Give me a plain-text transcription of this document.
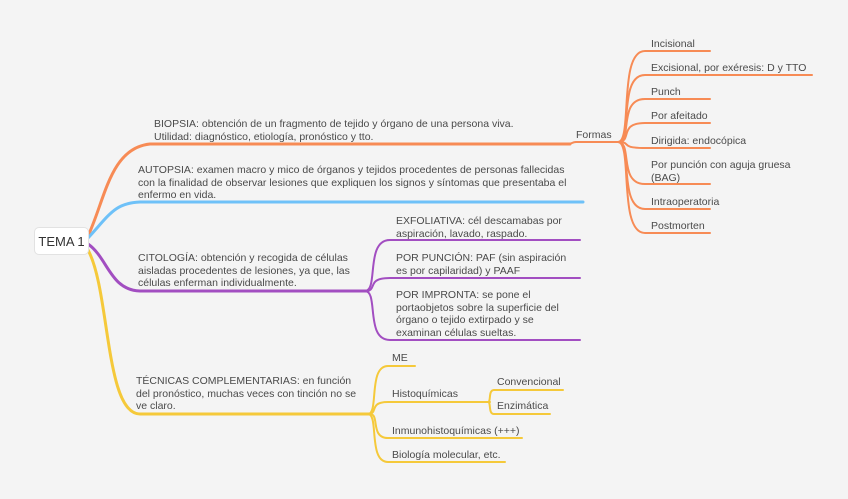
TEMA 1
BIOPSIA: obtención de un fragmento de tejido y órgano de una persona viva. Utilidad: diagnóstico, etiología, pronóstico y tto.	Formas
Incisional
Excisional, por exéresis: D y TTO
Punch
Por afeitado
Dirigida: endocópica
Por punción con aguja gruesa (BAG)
Intraoperatoria
Postmorten
AUTOPSIA: examen macro y mico de órganos y tejidos procedentes de personas fallecidas con la finalidad de observar lesiones que expliquen los signos y síntomas que presentaba el enfermo en vida.
CITOLOGÍA: obtención y recogida de células aisladas procedentes de lesiones, ya que, las células enferman individualmente.
EXFOLIATIVA: cél descamabas por aspiración, lavado, raspado.
POR PUNCIÓN: PAF (sin aspiración es por capilaridad) y PAAF
POR IMPRONTA: se pone el portaobjetos sobre la superficie del órgano o tejido extirpado y se examinan células sueltas.
TÉCNICAS COMPLEMENTARIAS: en función del pronóstico, muchas veces con tinción no se ve claro.
ME
Histoquímicas
Convencional
Enzimática
Inmunohistoquímicas (+++)
Biología molecular, etc.
